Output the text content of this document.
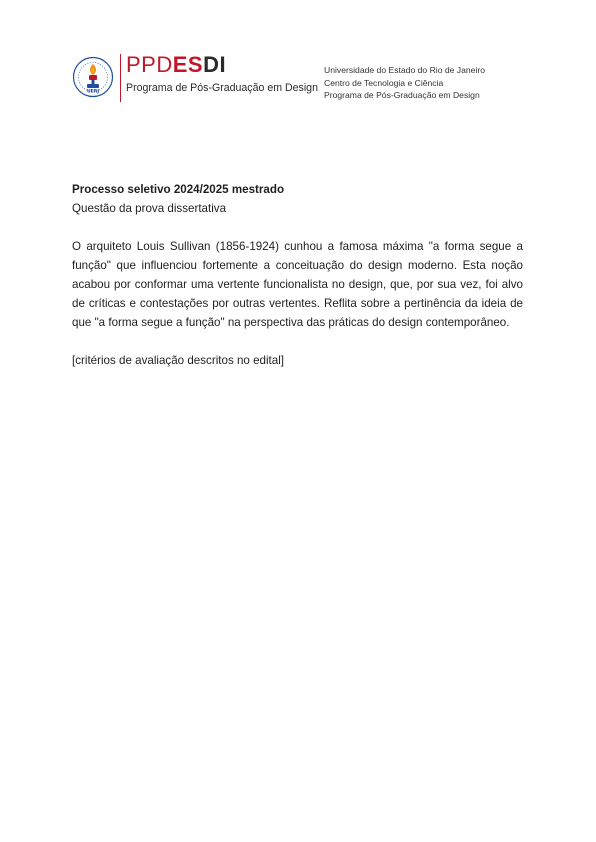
UERJ
PPDESDI
Programa de Pós-Graduação em Design
Universidade do Estado do Rio de Janeiro
Centro de Tecnologia e Ciência
Programa de Pós-Graduação em Design

Processo seletivo 2024/2025 mestrado

Questão da prova dissertativa

O arquiteto Louis Sullivan (1856-1924) cunhou a famosa máxima "a forma segue a função" que influenciou fortemente a conceituação do design moderno. Esta noção acabou por conformar uma vertente funcionalista no design, que, por sua vez, foi alvo de críticas e contestações por outras vertentes. Reflita sobre a pertinência da ideia de que "a forma segue a função" na perspectiva das práticas do design contemporâneo.

[critérios de avaliação descritos no edital]
